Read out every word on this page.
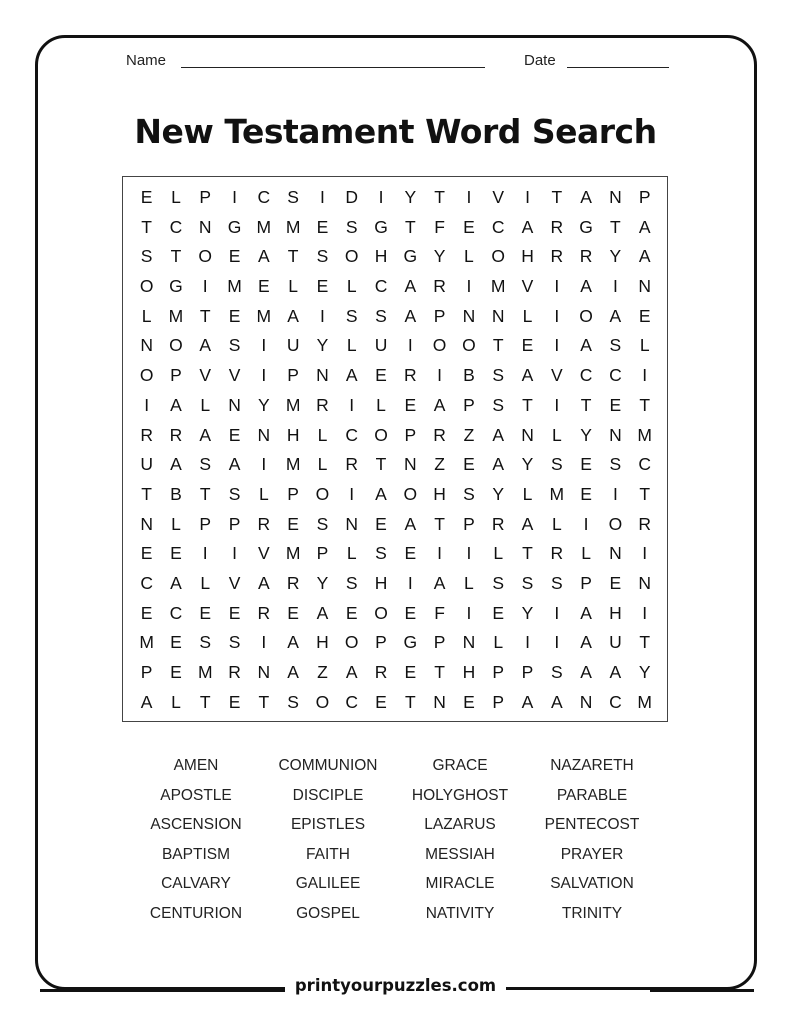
Name	Date
New Testament Word Search
E	L	P	I	C S	I	D	I	Y	T	I	V	I	T	A N P
T	C N G M M E	S G T	F	E C A R G T	A
S	T O E	A	T	S O H G Y	L	O H R R Y	A
O G	I	M E	L	E	L	C A R	I	M V	I	A	I	N
L M T	E M A	I	S	S	A	P N N	L	I	O A	E
N O A	S	I	U Y	L	U	I	O O T	E	I	A	S	L
O P	V	V	I	P N A	E R	I	B	S	A	V C C	I
I	A	L	N Y M R	I	L	E	A	P	S	T	I	T	E	T
R R A	E N H	L	C O P R	Z	A N	L	Y N M
U A	S	A	I	M L	R	T	N	Z	E	A	Y	S	E	S C
T	B	T	S	L	P O	I	A O H S	Y	L M E	I	T
N	L	P	P R E	S N E	A	T	P R A	L	I	O R
E	E	I	I	V M P	L	S	E	I	I	L	T	R	L	N	I
C A	L	V	A R Y	S H	I	A	L	S	S	S	P	E N
E C E	E R E	A	E O E	F	I	E	Y	I	A H	I
M E	S	S	I	A H O P G P N	L	I	I	A U	T
P	E M R N A	Z	A R E	T	H P	P	S	A	A	Y
A	L	T	E	T	S O C E	T	N E	P	A	A N C M
AMEN	COMMUNION	GRACE	NAZARETH
APOSTLE	DISCIPLE	HOLYGHOST	PARABLE
ASCENSION	EPISTLES	LAZARUS	PENTECOST
BAPTISM	FAITH	MESSIAH	PRAYER
CALVARY	GALILEE	MIRACLE	SALVATION
CENTURION	GOSPEL	NATIVITY	TRINITY
printyourpuzzles.com
